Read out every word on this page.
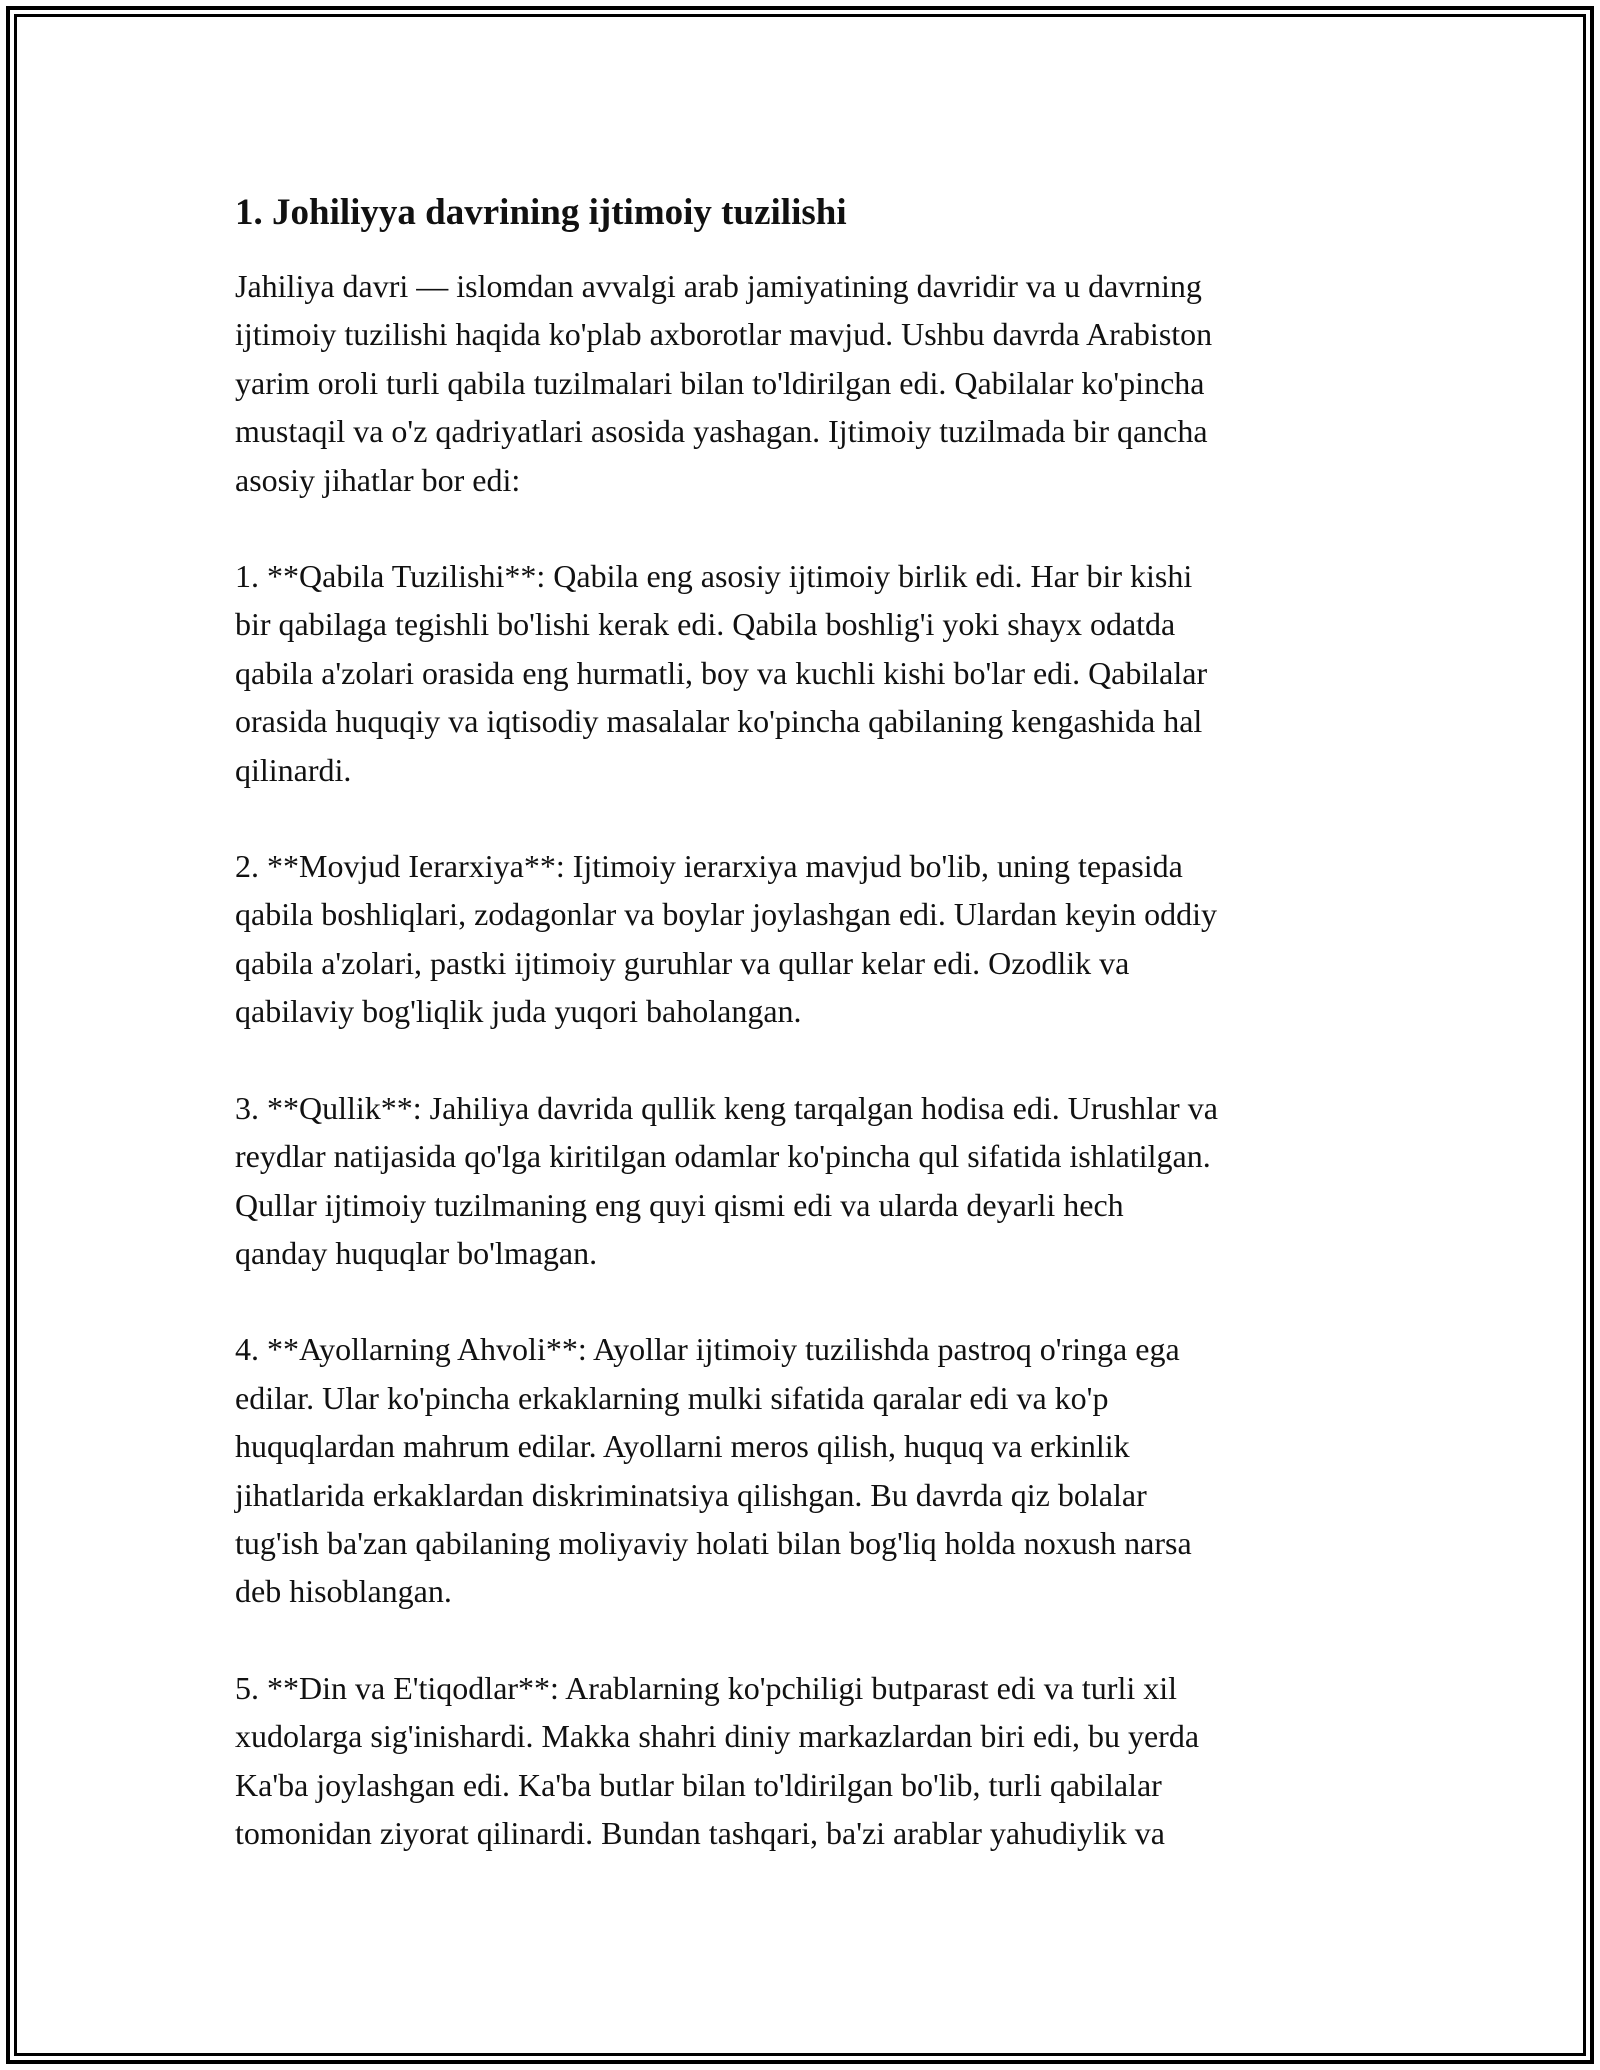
1. Johiliyya davrining ijtimoiy tuzilishi

Jahiliya davri — islomdan avvalgi arab jamiyatining davridir va u davrning
ijtimoiy tuzilishi haqida ko'plab axborotlar mavjud. Ushbu davrda Arabiston
yarim oroli turli qabila tuzilmalari bilan to'ldirilgan edi. Qabilalar ko'pincha
mustaqil va o'z qadriyatlari asosida yashagan. Ijtimoiy tuzilmada bir qancha
asosiy jihatlar bor edi:

1. **Qabila Tuzilishi**: Qabila eng asosiy ijtimoiy birlik edi. Har bir kishi
bir qabilaga tegishli bo'lishi kerak edi. Qabila boshlig'i yoki shayx odatda
qabila a'zolari orasida eng hurmatli, boy va kuchli kishi bo'lar edi. Qabilalar
orasida huquqiy va iqtisodiy masalalar ko'pincha qabilaning kengashida hal
qilinardi.

2. **Movjud Ierarxiya**: Ijtimoiy ierarxiya mavjud bo'lib, uning tepasida
qabila boshliqlari, zodagonlar va boylar joylashgan edi. Ulardan keyin oddiy
qabila a'zolari, pastki ijtimoiy guruhlar va qullar kelar edi. Ozodlik va
qabilaviy bog'liqlik juda yuqori baholangan.

3. **Qullik**: Jahiliya davrida qullik keng tarqalgan hodisa edi. Urushlar va
reydlar natijasida qo'lga kiritilgan odamlar ko'pincha qul sifatida ishlatilgan.
Qullar ijtimoiy tuzilmaning eng quyi qismi edi va ularda deyarli hech
qanday huquqlar bo'lmagan.

4. **Ayollarning Ahvoli**: Ayollar ijtimoiy tuzilishda pastroq o'ringa ega
edilar. Ular ko'pincha erkaklarning mulki sifatida qaralar edi va ko'p
huquqlardan mahrum edilar. Ayollarni meros qilish, huquq va erkinlik
jihatlarida erkaklardan diskriminatsiya qilishgan. Bu davrda qiz bolalar
tug'ish ba'zan qabilaning moliyaviy holati bilan bog'liq holda noxush narsa
deb hisoblangan.

5. **Din va E'tiqodlar**: Arablarning ko'pchiligi butparast edi va turli xil
xudolarga sig'inishardi. Makka shahri diniy markazlardan biri edi, bu yerda
Ka'ba joylashgan edi. Ka'ba butlar bilan to'ldirilgan bo'lib, turli qabilalar
tomonidan ziyorat qilinardi. Bundan tashqari, ba'zi arablar yahudiylik va
